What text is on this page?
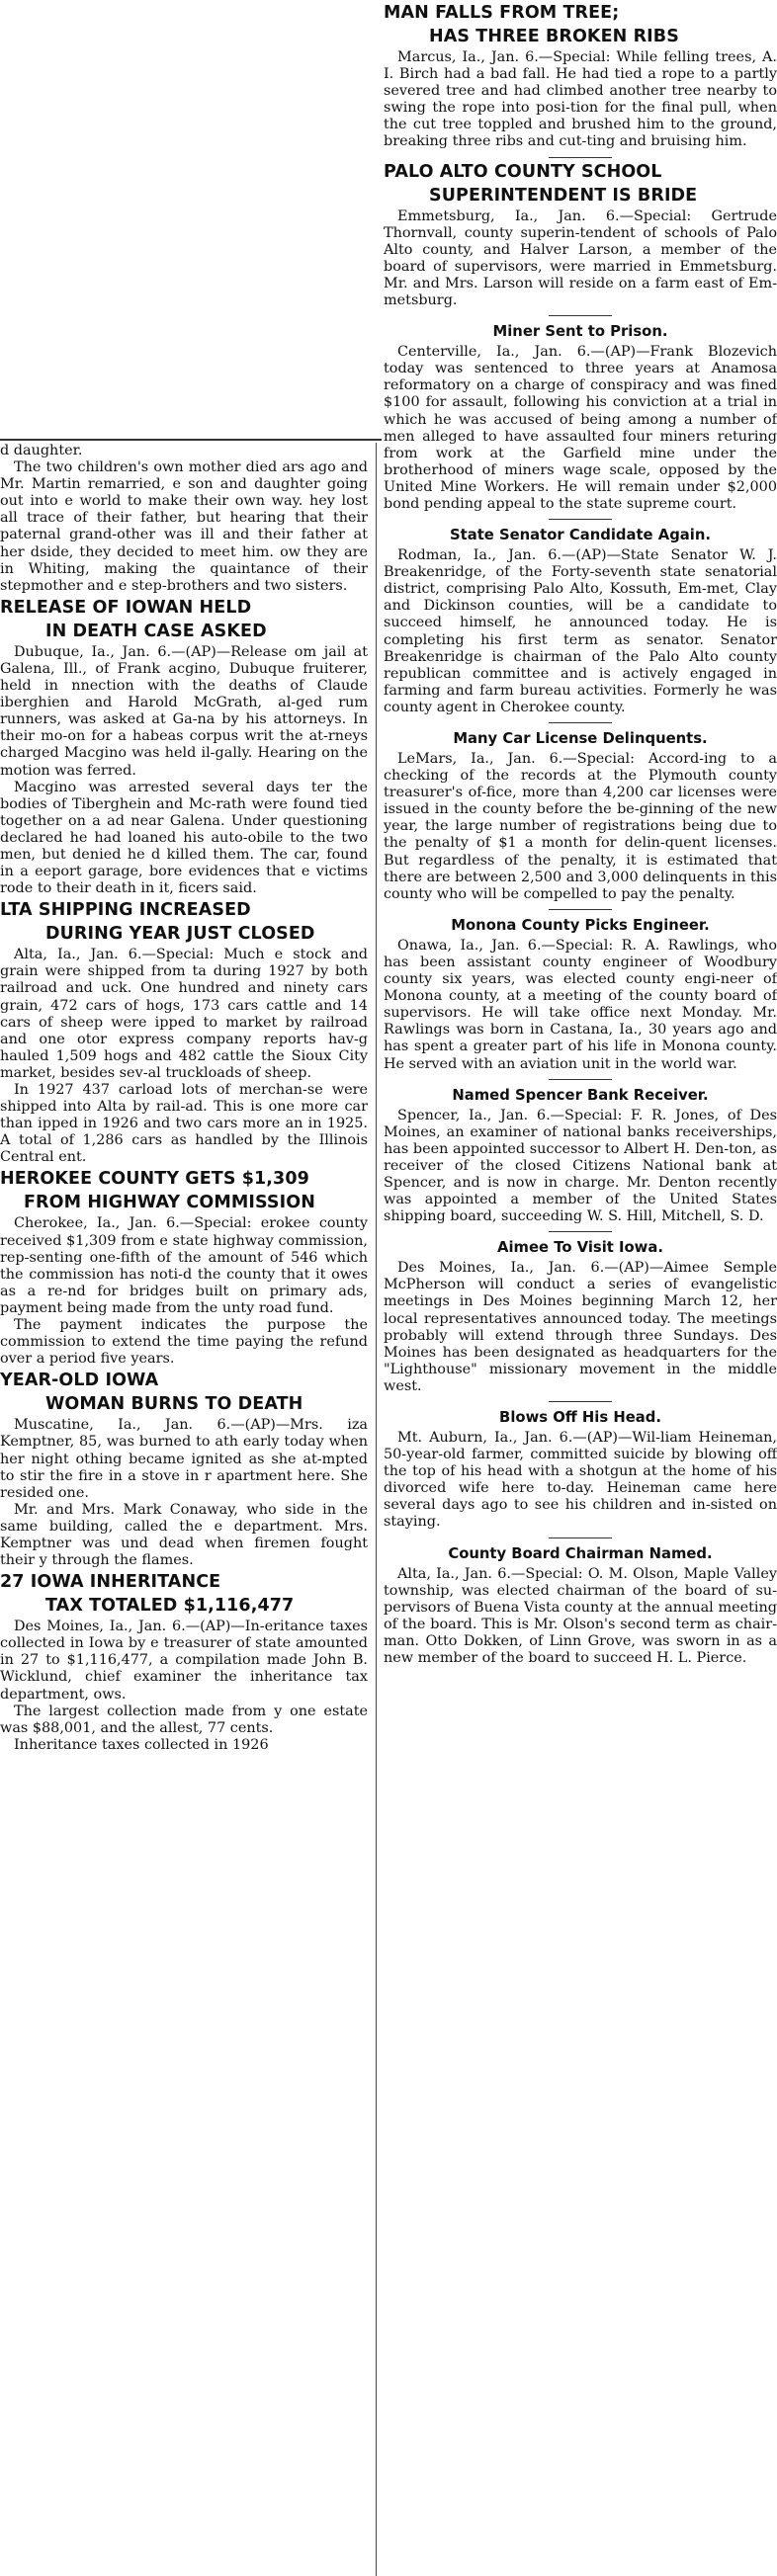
d daughter.

The two children's own mother died ars ago and Mr. Martin remarried, e son and daughter going out into e world to make their own way. hey lost all trace of their father, but hearing that their paternal grand-other was ill and their father at her dside, they decided to meet him. ow they are in Whiting, making the quaintance of their stepmother and e step-brothers and two sisters.

RELEASE OF IOWAN HELD
IN DEATH CASE ASKED

Dubuque, Ia., Jan. 6.—(AP)—Release om jail at Galena, Ill., of Frank acgino, Dubuque fruiterer, held in nnection with the deaths of Claude iberghien and Harold McGrath, al-ged rum runners, was asked at Ga-na by his attorneys. In their mo-on for a habeas corpus writ the at-rneys charged Macgino was held il-gally. Hearing on the motion was ferred.

Macgino was arrested several days ter the bodies of Tiberghein and Mc-rath were found tied together on a ad near Galena. Under questioning declared he had loaned his auto-obile to the two men, but denied he d killed them. The car, found in a eeport garage, bore evidences that e victims rode to their death in it, ficers said.

LTA SHIPPING INCREASED
DURING YEAR JUST CLOSED

Alta, Ia., Jan. 6.—Special: Much e stock and grain were shipped from ta during 1927 by both railroad and uck. One hundred and ninety cars grain, 472 cars of hogs, 173 cars cattle and 14 cars of sheep were ipped to market by railroad and one otor express company reports hav-g hauled 1,509 hogs and 482 cattle the Sioux City market, besides sev-al truckloads of sheep.

In 1927 437 carload lots of merchan-se were shipped into Alta by rail-ad. This is one more car than ipped in 1926 and two cars more an in 1925. A total of 1,286 cars as handled by the Illinois Central ent.

HEROKEE COUNTY GETS $1,309
FROM HIGHWAY COMMISSION

Cherokee, Ia., Jan. 6.—Special: erokee county received $1,309 from e state highway commission, rep-senting one-fifth of the amount of 546 which the commission has noti-d the county that it owes as a re-nd for bridges built on primary ads, payment being made from the unty road fund.

The payment indicates the purpose the commission to extend the time paying the refund over a period five years.

YEAR-OLD IOWA
WOMAN BURNS TO DEATH

Muscatine, Ia., Jan. 6.—(AP)—Mrs. iza Kemptner, 85, was burned to ath early today when her night othing became ignited as she at-mpted to stir the fire in a stove in r apartment here. She resided one.

Mr. and Mrs. Mark Conaway, who side in the same building, called the e department. Mrs. Kemptner was und dead when firemen fought their y through the flames.

27 IOWA INHERITANCE
TAX TOTALED $1,116,477

Des Moines, Ia., Jan. 6.—(AP)—In-eritance taxes collected in Iowa by e treasurer of state amounted in 27 to $1,116,477, a compilation made John B. Wicklund, chief examiner the inheritance tax department, ows.

The largest collection made from y one estate was $88,001, and the allest, 77 cents.

Inheritance taxes collected in 1926

MAN FALLS FROM TREE;
HAS THREE BROKEN RIBS

Marcus, Ia., Jan. 6.—Special: While felling trees, A. I. Birch had a bad fall. He had tied a rope to a partly severed tree and had climbed another tree nearby to swing the rope into posi-tion for the final pull, when the cut tree toppled and brushed him to the ground, breaking three ribs and cut-ting and bruising him.

PALO ALTO COUNTY SCHOOL
SUPERINTENDENT IS BRIDE

Emmetsburg, Ia., Jan. 6.—Special: Gertrude Thornvall, county superin-tendent of schools of Palo Alto county, and Halver Larson, a member of the board of supervisors, were married in Emmetsburg. Mr. and Mrs. Larson will reside on a farm east of Em-metsburg.

Miner Sent to Prison.

Centerville, Ia., Jan. 6.—(AP)—Frank Blozevich today was sentenced to three years at Anamosa reformatory on a charge of conspiracy and was fined $100 for assault, following his conviction at a trial in which he was accused of being among a number of men alleged to have assaulted four miners returing from work at the Garfield mine under the brotherhood of miners wage scale, opposed by the United Mine Workers. He will remain under $2,000 bond pending appeal to the state supreme court.

State Senator Candidate Again.

Rodman, Ia., Jan. 6.—(AP)—State Senator W. J. Breakenridge, of the Forty-seventh state senatorial district, comprising Palo Alto, Kossuth, Em-met, Clay and Dickinson counties, will be a candidate to succeed himself, he announced today. He is completing his first term as senator. Senator Breakenridge is chairman of the Palo Alto county republican committee and is actively engaged in farming and farm bureau activities. Formerly he was county agent in Cherokee county.

Many Car License Delinquents.

LeMars, Ia., Jan. 6.—Special: Accord-ing to a checking of the records at the Plymouth county treasurer's of-fice, more than 4,200 car licenses were issued in the county before the be-ginning of the new year, the large number of registrations being due to the penalty of $1 a month for delin-quent licenses. But regardless of the penalty, it is estimated that there are between 2,500 and 3,000 delinquents in this county who will be compelled to pay the penalty.

Monona County Picks Engineer.

Onawa, Ia., Jan. 6.—Special: R. A. Rawlings, who has been assistant county engineer of Woodbury county six years, was elected county engi-neer of Monona county, at a meeting of the county board of supervisors. He will take office next Monday. Mr. Rawlings was born in Castana, Ia., 30 years ago and has spent a greater part of his life in Monona county. He served with an aviation unit in the world war.

Named Spencer Bank Receiver.

Spencer, Ia., Jan. 6.—Special: F. R. Jones, of Des Moines, an examiner of national banks receiverships, has been appointed successor to Albert H. Den-ton, as receiver of the closed Citizens National bank at Spencer, and is now in charge. Mr. Denton recently was appointed a member of the United States shipping board, succeeding W. S. Hill, Mitchell, S. D.

Aimee To Visit Iowa.

Des Moines, Ia., Jan. 6.—(AP)—Aimee Semple McPherson will conduct a series of evangelistic meetings in Des Moines beginning March 12, her local representatives announced today. The meetings probably will extend through three Sundays. Des Moines has been designated as headquarters for the "Lighthouse" missionary movement in the middle west.

Blows Off His Head.

Mt. Auburn, Ia., Jan. 6.—(AP)—Wil-liam Heineman, 50-year-old farmer, committed suicide by blowing off the top of his head with a shotgun at the home of his divorced wife here to-day. Heineman came here several days ago to see his children and in-sisted on staying.

County Board Chairman Named.

Alta, Ia., Jan. 6.—Special: O. M. Olson, Maple Valley township, was elected chairman of the board of su-pervisors of Buena Vista county at the annual meeting of the board. This is Mr. Olson's second term as chair-man. Otto Dokken, of Linn Grove, was sworn in as a new member of the board to succeed H. L. Pierce.
